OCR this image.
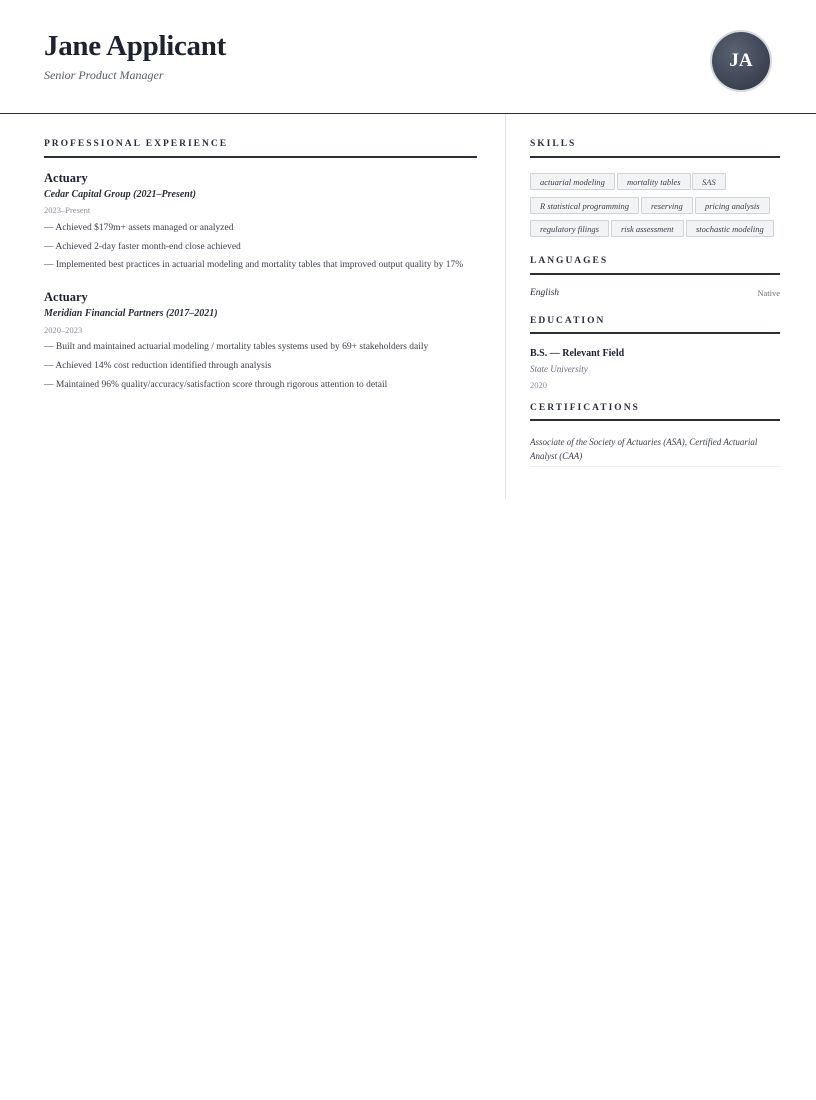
Jane Applicant
Senior Product Manager
JA
PROFESSIONAL EXPERIENCE
Actuary
Cedar Capital Group (2021–Present)
2023–Present
— Achieved $179m+ assets managed or analyzed
— Achieved 2-day faster month-end close achieved
— Implemented best practices in actuarial modeling and mortality tables that improved output quality by 17%
Actuary
Meridian Financial Partners (2017–2021)
2020–2023
— Built and maintained actuarial modeling / mortality tables systems used by 69+ stakeholders daily
— Achieved 14% cost reduction identified through analysis
— Maintained 96% quality/accuracy/satisfaction score through rigorous attention to detail
SKILLS
actuarial modeling	mortality tables	SAS
R statistical programming	reserving	pricing analysis
regulatory filings	risk assessment	stochastic modeling
LANGUAGES
English	Native
EDUCATION
B.S. — Relevant Field
State University
2020
CERTIFICATIONS
Associate of the Society of Actuaries (ASA), Certified Actuarial Analyst (CAA)
